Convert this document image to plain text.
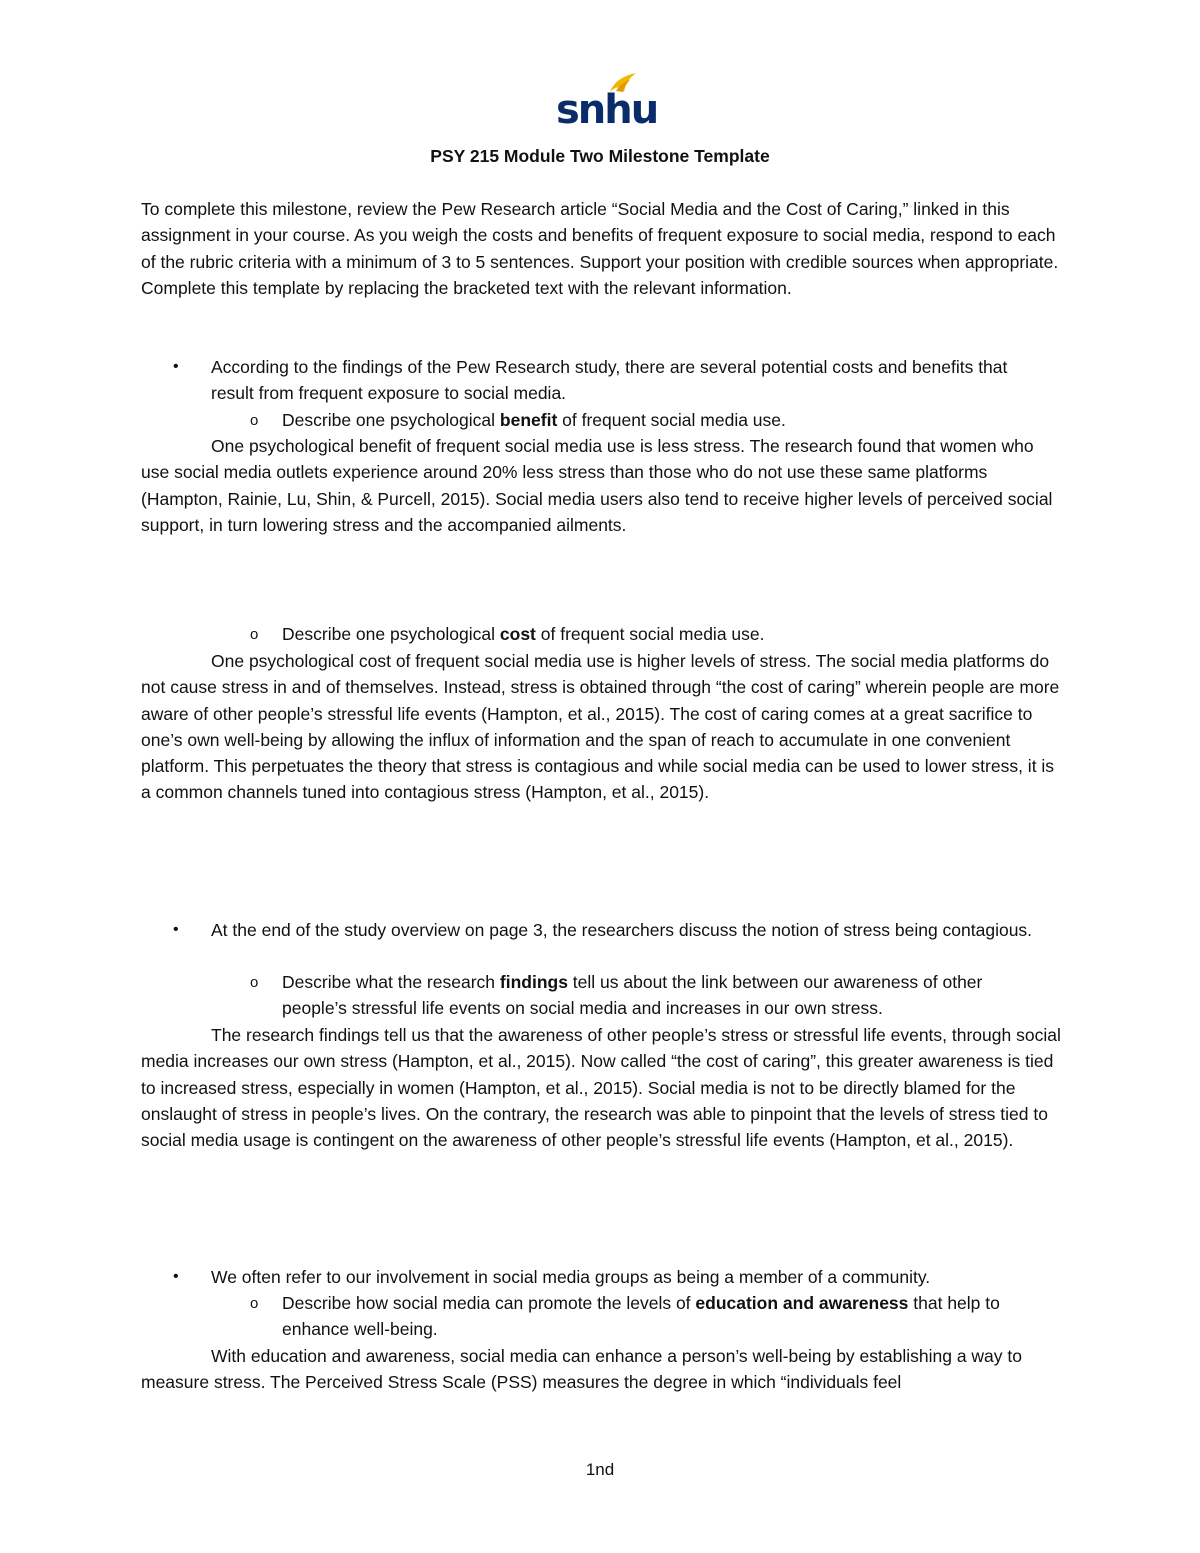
snhu
PSY 215 Module Two Milestone Template

To complete this milestone, review the Pew Research article “Social Media and the Cost of Caring,” linked in this assignment in your course. As you weigh the costs and benefits of frequent exposure to social media, respond to each of the rubric criteria with a minimum of 3 to 5 sentences. Support your position with credible sources when appropriate. Complete this template by replacing the bracketed text with the relevant information.

• According to the findings of the Pew Research study, there are several potential costs and benefits that result from frequent exposure to social media.

o Describe one psychological benefit of frequent social media use.

One psychological benefit of frequent social media use is less stress. The research found that women who use social media outlets experience around 20% less stress than those who do not use these same platforms (Hampton, Rainie, Lu, Shin, & Purcell, 2015). Social media users also tend to receive higher levels of perceived social support, in turn lowering stress and the accompanied ailments.

o Describe one psychological cost of frequent social media use.

One psychological cost of frequent social media use is higher levels of stress. The social media platforms do not cause stress in and of themselves. Instead, stress is obtained through “the cost of caring” wherein people are more aware of other people’s stressful life events (Hampton, et al., 2015). The cost of caring comes at a great sacrifice to one’s own well-being by allowing the influx of information and the span of reach to accumulate in one convenient platform. This perpetuates the theory that stress is contagious and while social media can be used to lower stress, it is a common channels tuned into contagious stress (Hampton, et al., 2015).

• At the end of the study overview on page 3, the researchers discuss the notion of stress being contagious.

o Describe what the research findings tell us about the link between our awareness of other people’s stressful life events on social media and increases in our own stress.

The research findings tell us that the awareness of other people’s stress or stressful life events, through social media increases our own stress (Hampton, et al., 2015). Now called “the cost of caring”, this greater awareness is tied to increased stress, especially in women (Hampton, et al., 2015). Social media is not to be directly blamed for the onslaught of stress in people’s lives. On the contrary, the research was able to pinpoint that the levels of stress tied to social media usage is contingent on the awareness of other people’s stressful life events (Hampton, et al., 2015).

• We often refer to our involvement in social media groups as being a member of a community.

o Describe how social media can promote the levels of education and awareness that help to enhance well-being.

With education and awareness, social media can enhance a person’s well-being by establishing a way to measure stress. The Perceived Stress Scale (PSS) measures the degree in which “individuals feel

1nd
